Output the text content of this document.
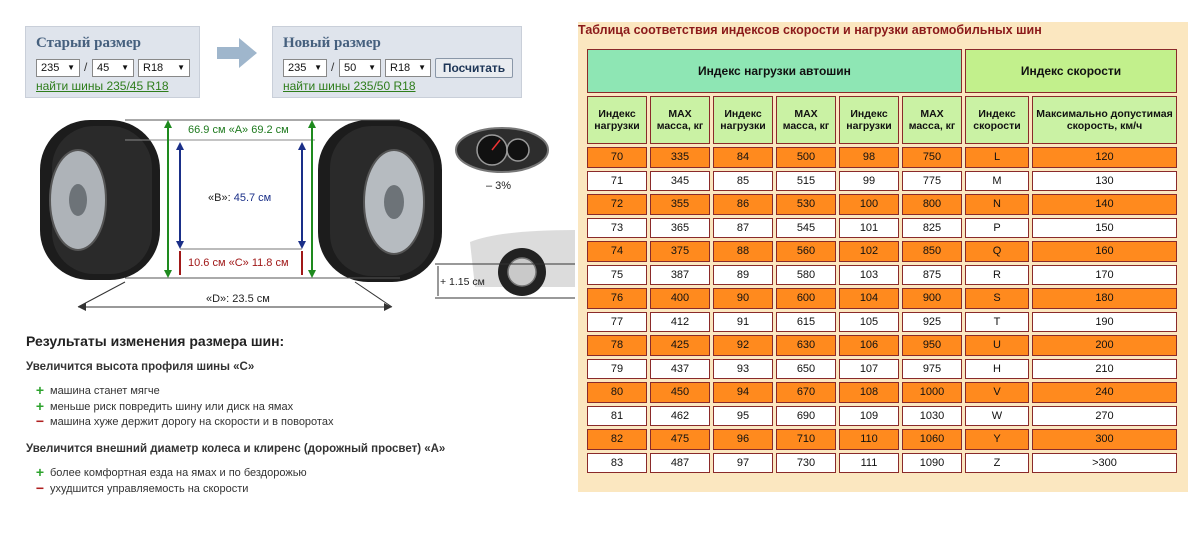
Старый размер
235 ▼ / 45 ▼	R18 ▼
найти шины 235/45 R18
Новый размер
235 ▼ / 50 ▼	R18 ▼	Посчитать
найти шины 235/50 R18
66.9 см «A» 69.2 см
«B»: 45.7 см
10.6 см «C» 11.8 см
«D»: 23.5 см
– 3%
+ 1.15 см
Результаты изменения размера шин:
Увеличится высота профиля шины «C»
+ машина станет мягче
+ меньше риск повредить шину или диск на ямах
− машина хуже держит дорогу на скорости и в поворотах
Увеличится внешний диаметр колеса и клиренс (дорожный просвет) «A»
+ более комфортная езда на ямах и по бездорожью
− ухудшится управляемость на скорости
Таблица соответствия индексов скорости и нагрузки автомобильных шин
Индекс нагрузки автошин						Индекс скорости	
Индекс нагрузки	MAX масса, кг	Индекс нагрузки	MAX масса, кг	Индекс нагрузки	MAX масса, кг	Индекс скорости	Максимально допустимая скорость, км/ч
70	335	84	500	98	750	L	120
71	345	85	515	99	775	M	130
72	355	86	530	100	800	N	140
73	365	87	545	101	825	P	150
74	375	88	560	102	850	Q	160
75	387	89	580	103	875	R	170
76	400	90	600	104	900	S	180
77	412	91	615	105	925	T	190
78	425	92	630	106	950	U	200
79	437	93	650	107	975	H	210
80	450	94	670	108	1000	V	240
81	462	95	690	109	1030	W	270
82	475	96	710	110	1060	Y	300
83	487	97	730	111	1090	Z	>300
